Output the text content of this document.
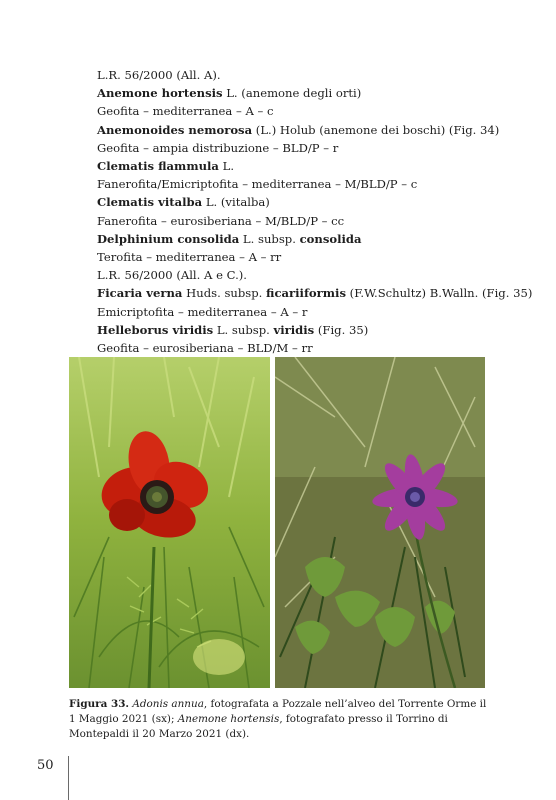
L.R. 56/2000 (All. A).
Anemone hortensis L. (anemone degli orti)
Geofita – mediterranea – A – c
Anemonoides nemorosa (L.) Holub (anemone dei boschi) (Fig. 34)
Geofita – ampia distribuzione – BLD/P – r
Clematis flammula L.
Fanerofita/Emicriptofita – mediterranea – M/BLD/P – c
Clematis vitalba L. (vitalba)
Fanerofita – eurosiberiana – M/BLD/P – cc
Delphinium consolida L. subsp. consolida
Terofita – mediterranea – A – rr
L.R. 56/2000 (All. A e C.).
Ficaria verna Huds. subsp. ficariiformis (F.W.Schultz) B.Walln. (Fig. 35)
Emicriptofita – mediterranea – A – r
Helleborus viridis L. subsp. viridis (Fig. 35)
Geofita – eurosiberiana – BLD/M – rr
Figura 33. Adonis annua, fotografata a Pozzale nell’alveo del Torrente Orme il 1 Maggio 2021 (sx); Anemone hortensis, fotografato presso il Torrino di Montepaldi il 20 Marzo 2021 (dx).
50
